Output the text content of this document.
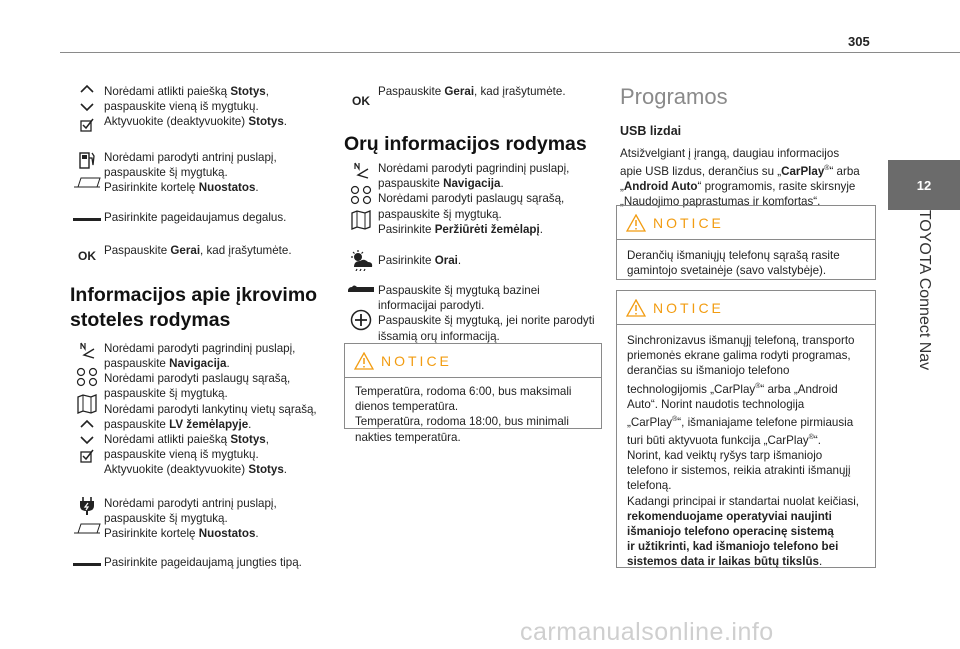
305
12
TOYOTA Connect Nav
Norėdami atlikti paiešką Stotys,
paspauskite vieną iš mygtukų.
Aktyvuokite (deaktyvuokite) Stotys.
Norėdami parodyti antrinį puslapį,
paspauskite šį mygtuką.
Pasirinkite kortelę Nuostatos.
Pasirinkite pageidaujamus degalus.
OK Paspauskite Gerai, kad įrašytumėte.
Informacijos apie įkrovimo
stoteles rodymas
Norėdami parodyti pagrindinį puslapį,
paspauskite Navigacija.
Norėdami parodyti paslaugų sąrašą,
paspauskite šį mygtuką.
Norėdami parodyti lankytinų vietų sąrašą,
paspauskite LV žemėlapyje.
Norėdami atlikti paiešką Stotys,
paspauskite vieną iš mygtukų.
Aktyvuokite (deaktyvuokite) Stotys.
Norėdami parodyti antrinį puslapį,
paspauskite šį mygtuką.
Pasirinkite kortelę Nuostatos.
Pasirinkite pageidaujamą jungties tipą.
OK
Paspauskite Gerai, kad įrašytumėte.
Orų informacijos rodymas
Norėdami parodyti pagrindinį puslapį,
paspauskite Navigacija.
Norėdami parodyti paslaugų sąrašą,
paspauskite šį mygtuką.
Pasirinkite Peržiūrėti žemėlapį.
Pasirinkite Orai.
Paspauskite šį mygtuką bazinei
informacijai parodyti.
Paspauskite šį mygtuką, jei norite parodyti
išsamią orų informaciją.
NOTICE
Temperatūra, rodoma 6:00, bus maksimali
dienos temperatūra.
Temperatūra, rodoma 18:00, bus minimali
nakties temperatūra.
Programos
USB lizdai
Atsižvelgiant į įrangą, daugiau informacijos
apie USB lizdus, derančius su „CarPlay®“ arba
„Android Auto“ programomis, rasite skirsnyje
„Naudojimo paprastumas ir komfortas“.
NOTICE
Derančių išmaniųjų telefonų sąrašą rasite
gamintojo svetainėje (savo valstybėje).
NOTICE
Sinchronizavus išmanųjį telefoną, transporto
priemonės ekrane galima rodyti programas,
derančias su išmaniojo telefono
technologijomis „CarPlay®“ arba „Android
Auto“. Norint naudotis technologija
„CarPlay®“, išmaniajame telefone pirmiausia
turi būti aktyvuota funkcija „CarPlay®“.
Norint, kad veiktų ryšys tarp išmaniojo
telefono ir sistemos, reikia atrakinti išmanųjį
telefoną.
Kadangi principai ir standartai nuolat keičiasi,
rekomenduojame operatyviai naujinti
išmaniojo telefono operacinę sistemą
ir užtikrinti, kad išmaniojo telefono bei
sistemos data ir laikas būtų tikslūs.
carmanualsonline.info
